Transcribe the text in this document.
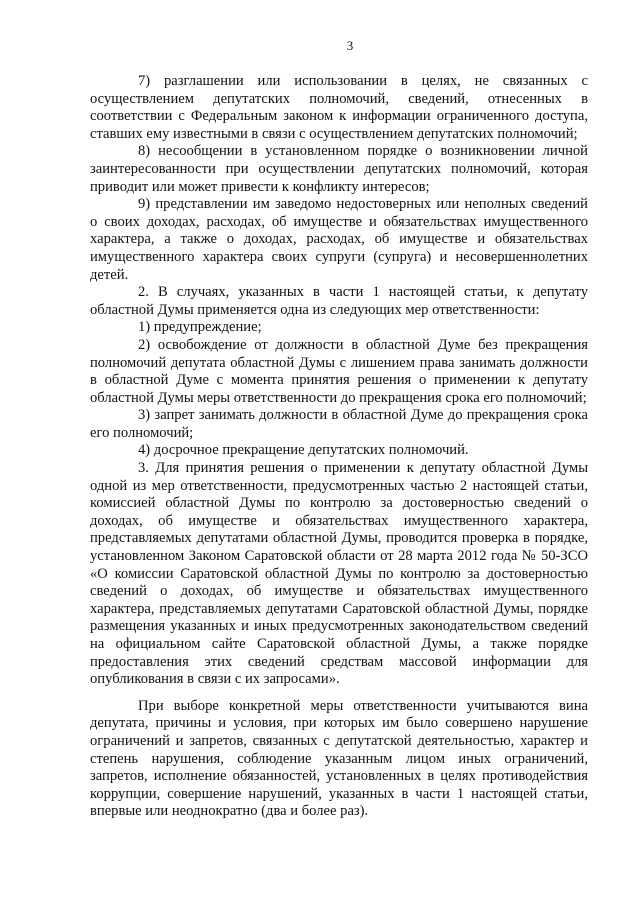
3

7) разглашении или использовании в целях, не связанных с осуществлением депутатских полномочий, сведений, отнесенных в соответствии с Федеральным законом к информации ограниченного доступа, ставших ему известными в связи с осуществлением депутатских полномочий;

8) несообщении в установленном порядке о возникновении личной заинтересованности при осуществлении депутатских полномочий, которая приводит или может привести к конфликту интересов;

9) представлении им заведомо недостоверных или неполных сведений о своих доходах, расходах, об имуществе и обязательствах имущественного характера, а также о доходах, расходах, об имуществе и обязательствах имущественного характера своих супруги (супруга) и несовершеннолетних детей.

2. В случаях, указанных в части 1 настоящей статьи, к депутату областной Думы применяется одна из следующих мер ответственности:

1) предупреждение;

2) освобождение от должности в областной Думе без прекращения полномочий депутата областной Думы с лишением права занимать должности в областной Думе с момента принятия решения о применении к депутату областной Думы меры ответственности до прекращения срока его полномочий;

3) запрет занимать должности в областной Думе до прекращения срока его полномочий;

4) досрочное прекращение депутатских полномочий.

3. Для принятия решения о применении к депутату областной Думы одной из мер ответственности, предусмотренных частью 2 настоящей статьи, комиссией областной Думы по контролю за достоверностью сведений о доходах, об имуществе и обязательствах имущественного характера, представляемых депутатами областной Думы, проводится проверка в порядке, установленном Законом Саратовской области от 28 марта 2012 года № 50-ЗСО «О комиссии Саратовской областной Думы по контролю за достоверностью сведений о доходах, об имуществе и обязательствах имущественного характера, представляемых депутатами Саратовской областной Думы, порядке размещения указанных и иных предусмотренных законодательством сведений на официальном сайте Саратовской областной Думы, а также порядке предоставления этих сведений средствам массовой информации для опубликования в связи с их запросами».

При выборе конкретной меры ответственности учитываются вина депутата, причины и условия, при которых им было совершено нарушение ограничений и запретов, связанных с депутатской деятельностью, характер и степень нарушения, соблюдение указанным лицом иных ограничений, запретов, исполнение обязанностей, установленных в целях противодействия коррупции, совершение нарушений, указанных в части 1 настоящей статьи, впервые или неоднократно (два и более раз).
